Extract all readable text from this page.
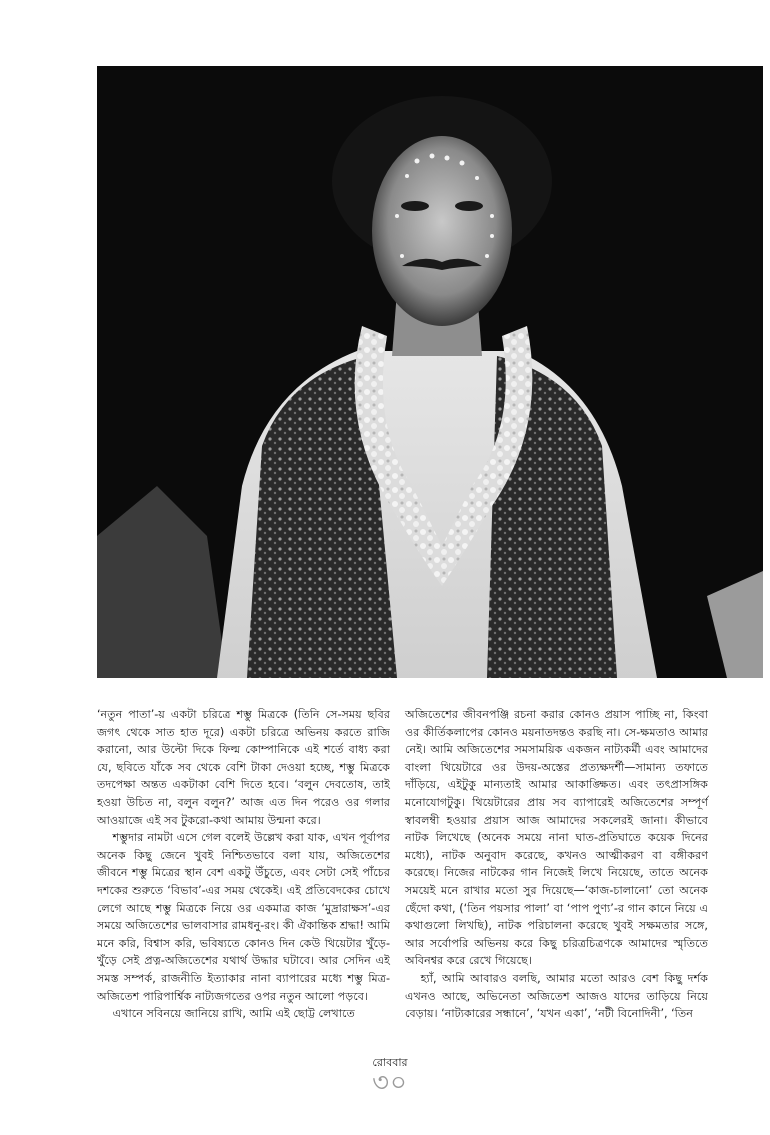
‘নতুন পাতা’-য় একটা চরিত্রে শম্ভু মিত্রকে (তিনি সে-সময় ছবির জগৎ থেকে সাত হাত দূরে) একটা চরিত্রে অভিনয় করতে রাজি করানো, আর উল্টো দিকে ফিল্ম কোম্পানিকে এই শর্তে বাধ্য করা যে, ছবিতে যাঁকে সব থেকে বেশি টাকা দেওয়া হচ্ছে, শম্ভু মিত্রকে তদপেক্ষা অন্তত একটাকা বেশি দিতে হবে। ‘বলুন দেবতোষ, তাই হওয়া উচিত না, বলুন বলুন?’ আজ এত দিন পরেও ওর গলার আওয়াজে এই সব টুকরো-কথা আমায় উন্মনা করে।

শম্ভুদার নামটা এসে গেল বলেই উল্লেখ করা যাক, এখন পূর্বাপর অনেক কিছু জেনে খুবই নিশ্চিতভাবে বলা যায়, অজিতেশের জীবনে শম্ভু মিত্রের স্থান বেশ একটু উঁচুতে, এবং সেটা সেই পাঁচের দশকের শুরুতে ‘বিভাব’-এর সময় থেকেই। এই প্রতিবেদকের চোখে লেগে আছে শম্ভু মিত্রকে নিয়ে ওর একমাত্র কাজ ‘মুদ্রারাক্ষস’-এর সময়ে অজিতেশের ভালবাসার রামধনু-রং। কী ঐকান্তিক শ্রদ্ধা! আমি মনে করি, বিশ্বাস করি, ভবিষ্যতে কোনও দিন কেউ থিয়েটার খুঁড়ে-খুঁড়ে সেই প্রত্ন-অজিতেশের যথার্থ উদ্ধার ঘটাবে। আর সেদিন এই সমস্ত সম্পর্ক, রাজনীতি ইত্যাকার নানা ব্যাপারের মধ্যে শম্ভু মিত্র-অজিতেশ পারিপার্শ্বিক নাট্যজগতের ওপর নতুন আলো পড়বে।

এখানে সবিনয়ে জানিয়ে রাখি, আমি এই ছোট্ট লেখাতে

অজিতেশের জীবনপঞ্জি রচনা করার কোনও প্রয়াস পাচ্ছি না, কিংবা ওর কীর্তিকলাপের কোনও ময়নাতদন্তও করছি না। সে-ক্ষমতাও আমার নেই। আমি অজিতেশের সমসাময়িক একজন নাট্যকর্মী এবং আমাদের বাংলা থিয়েটারে ওর উদয়-অস্তের প্রত্যক্ষদর্শী—সামান্য তফাতে দাঁড়িয়ে, এইটুকু মান্যতাই আমার আকাঙ্ক্ষিত। এবং তৎপ্রাসঙ্গিক মনোযোগটুকু। থিয়েটারের প্রায় সব ব্যাপারেই অজিতেশের সম্পূর্ণ স্বাবলম্বী হওয়ার প্রয়াস আজ আমাদের সকলেরই জানা। কীভাবে নাটক লিখেছে (অনেক সময়ে নানা ঘাত-প্রতিঘাতে কয়েক দিনের মধ্যে), নাটক অনুবাদ করেছে, কখনও আত্মীকরণ বা বঙ্গীকরণ করেছে। নিজের নাটকের গান নিজেই লিখে নিয়েছে, তাতে অনেক সময়েই মনে রাখার মতো সুর দিয়েছে—‘কাজ-চালানো’ তো অনেক ছেঁদো কথা, (‘তিন পয়সার পালা’ বা ‘পাপ পুণ্য’-র গান কানে নিয়ে এ কথাগুলো লিখছি), নাটক পরিচালনা করেছে খুবই সক্ষমতার সঙ্গে, আর সর্বোপরি অভিনয় করে কিছু চরিত্রচিত্রণকে আমাদের স্মৃতিতে অবিনশ্বর করে রেখে গিয়েছে।

হ্যাঁ, আমি আবারও বলছি, আমার মতো আরও বেশ কিছু দর্শক এখনও আছে, অভিনেতা অজিতেশ আজও যাদের তাড়িয়ে নিয়ে বেড়ায়। ‘নাট্যকারের সন্ধানে’, ‘যখন একা’, ‘নটী বিনোদিনী’, ‘তিন

রোববার
৩০
